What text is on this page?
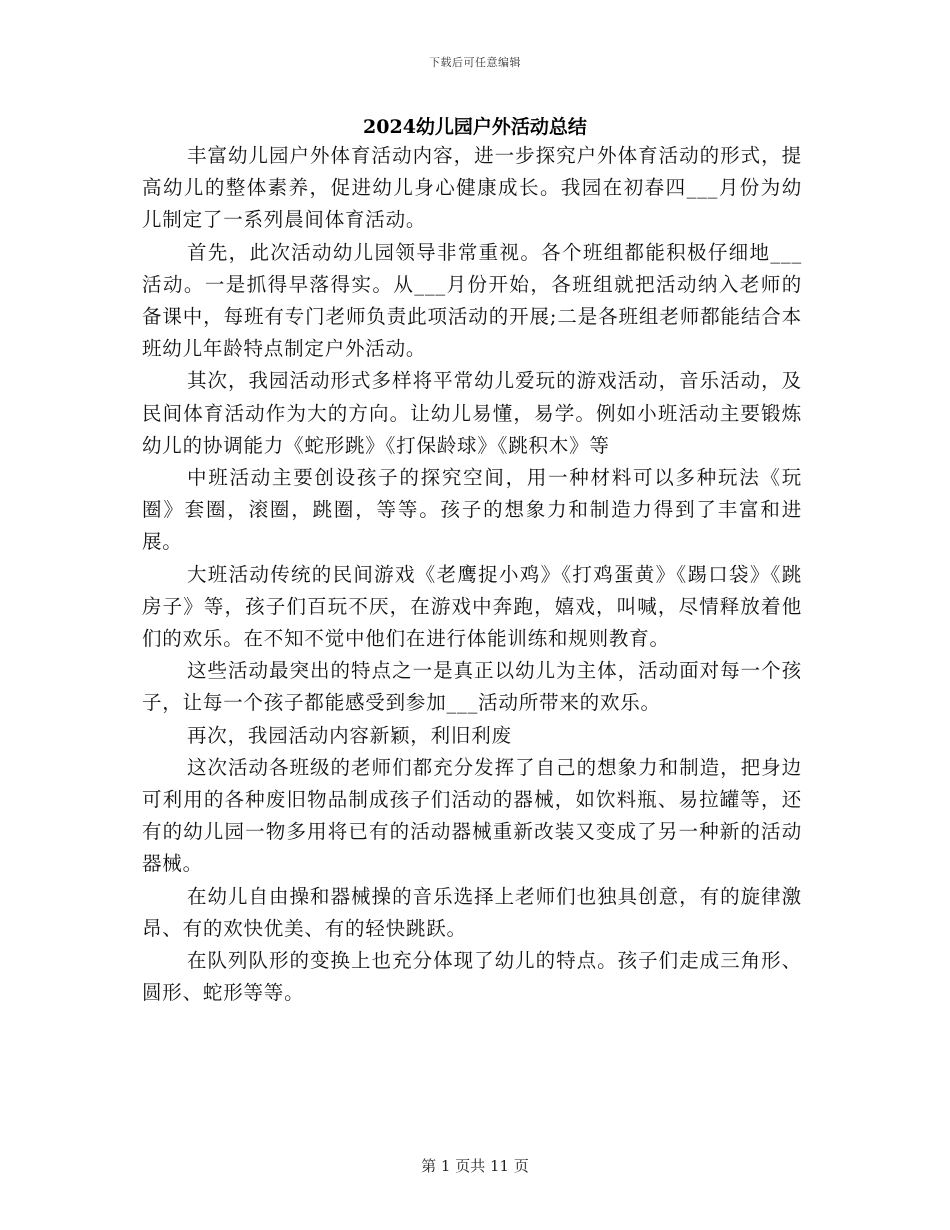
下载后可任意编辑
2024幼儿园户外活动总结

丰富幼儿园户外体育活动内容，进一步探究户外体育活动的形式，提高幼儿的整体素养，促进幼儿身心健康成长。我园在初春四___月份为幼儿制定了一系列晨间体育活动。

首先，此次活动幼儿园领导非常重视。各个班组都能积极仔细地___活动。一是抓得早落得实。从___月份开始，各班组就把活动纳入老师的备课中，每班有专门老师负责此项活动的开展;二是各班组老师都能结合本班幼儿年龄特点制定户外活动。

其次，我园活动形式多样将平常幼儿爱玩的游戏活动，音乐活动，及民间体育活动作为大的方向。让幼儿易懂，易学。例如小班活动主要锻炼幼儿的协调能力《蛇形跳》《打保龄球》《跳积木》等

中班活动主要创设孩子的探究空间，用一种材料可以多种玩法《玩圈》套圈，滚圈，跳圈，等等。孩子的想象力和制造力得到了丰富和进展。

大班活动传统的民间游戏《老鹰捉小鸡》《打鸡蛋黄》《踢口袋》《跳房子》等，孩子们百玩不厌，在游戏中奔跑，嬉戏，叫喊，尽情释放着他们的欢乐。在不知不觉中他们在进行体能训练和规则教育。

这些活动最突出的特点之一是真正以幼儿为主体，活动面对每一个孩子，让每一个孩子都能感受到参加___活动所带来的欢乐。

再次，我园活动内容新颖，利旧利废

这次活动各班级的老师们都充分发挥了自己的想象力和制造，把身边可利用的各种废旧物品制成孩子们活动的器械，如饮料瓶、易拉罐等，还有的幼儿园一物多用将已有的活动器械重新改装又变成了另一种新的活动器械。

在幼儿自由操和器械操的音乐选择上老师们也独具创意，有的旋律激昂、有的欢快优美、有的轻快跳跃。

在队列队形的变换上也充分体现了幼儿的特点。孩子们走成三角形、圆形、蛇形等等。

第 1 页共 11 页
